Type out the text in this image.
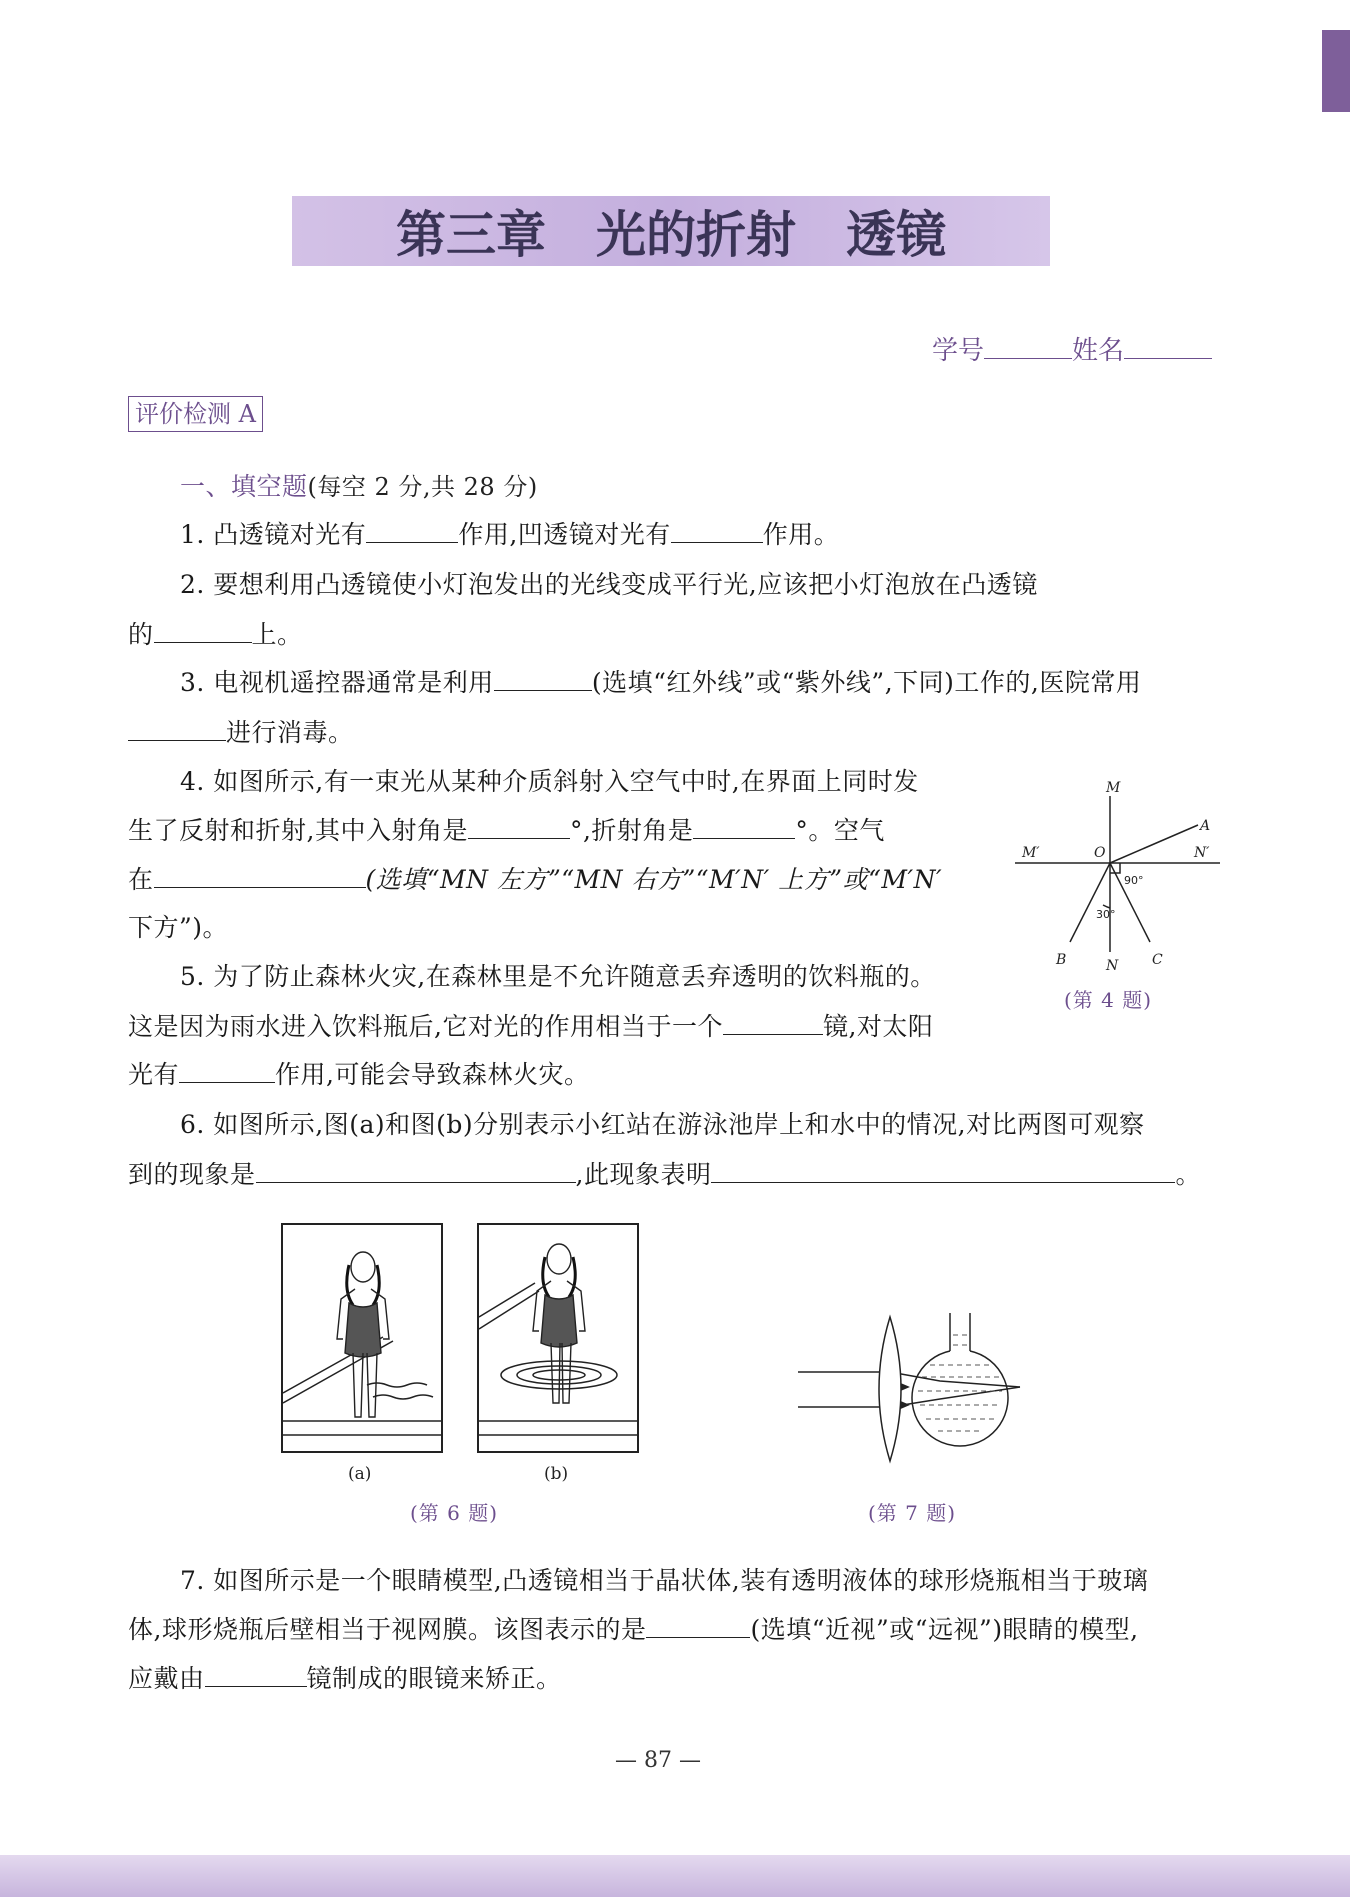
第三章　光的折射　透镜
学号	姓名
评价检测 A
一、填空题(每空 2 分,共 28 分)
1. 凸透镜对光有	作用,凹透镜对光有	作用。
2. 要想利用凸透镜使小灯泡发出的光线变成平行光,应该把小灯泡放在凸透镜
的	上。
3. 电视机遥控器通常是利用	(选填“红外线”或“紫外线”,下同)工作的,医院常用
进行消毒。
4. 如图所示,有一束光从某种介质斜射入空气中时,在界面上同时发
生了反射和折射,其中入射角是	°,折射角是	°。空气
在	(选填“MN 左方”“MN 右方”“M′N′ 上方”或“M′N′
下方”)。
M
N
M′	N′
O
A
B	C
90°
30°
(第 4 题)
5. 为了防止森林火灾,在森林里是不允许随意丢弃透明的饮料瓶的。
这是因为雨水进入饮料瓶后,它对光的作用相当于一个	镜,对太阳
光有	作用,可能会导致森林火灾。
6. 如图所示,图(a)和图(b)分别表示小红站在游泳池岸上和水中的情况,对比两图可观察
到的现象是	,此现象表明	。
(a)	(b)
(第 6 题)	(第 7 题)
7. 如图所示是一个眼睛模型,凸透镜相当于晶状体,装有透明液体的球形烧瓶相当于玻璃
体,球形烧瓶后壁相当于视网膜。该图表示的是	(选填“近视”或“远视”)眼睛的模型,
应戴由	镜制成的眼镜来矫正。
— 87 —
